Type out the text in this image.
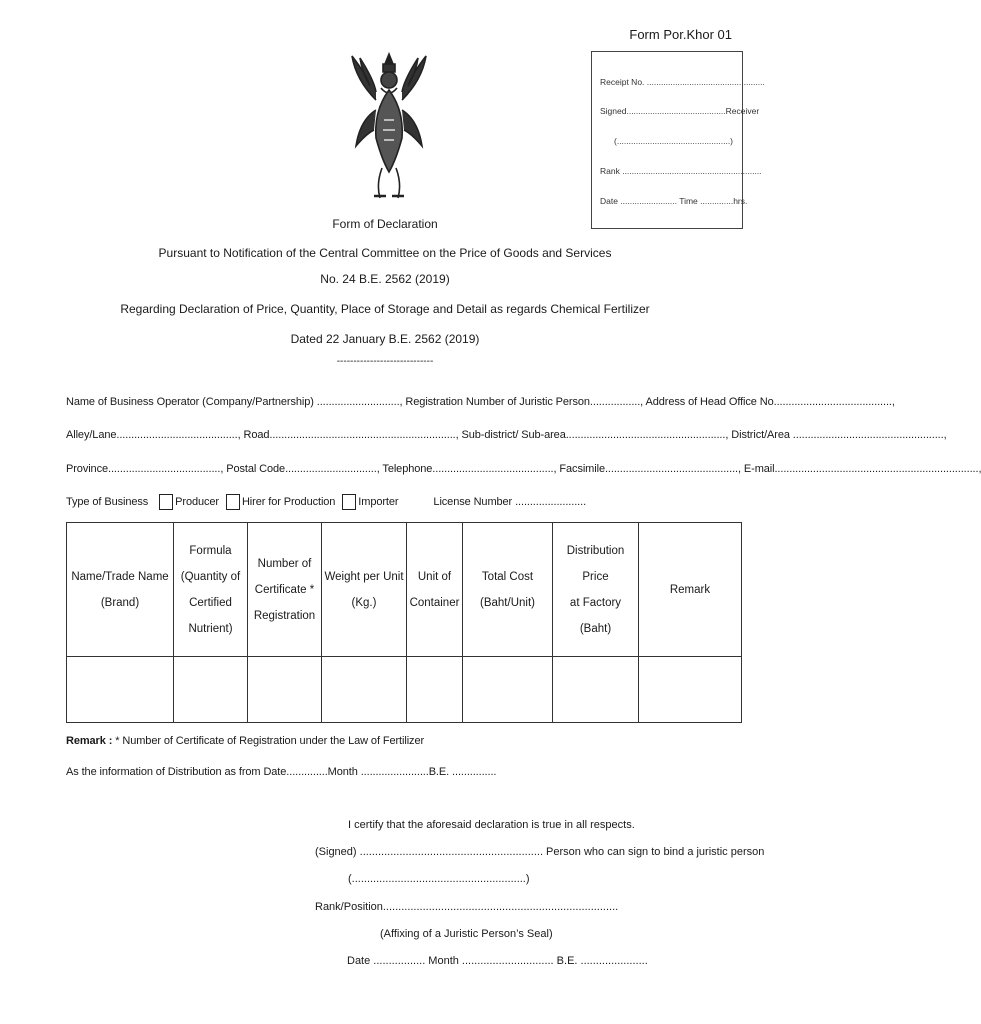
Form Por.Khor 01
Receipt No. ..................................................
Signed..........................................Receiver
(................................................)
Rank ...........................................................
Date ........................ Time ..............hrs.
Form of Declaration
Pursuant to Notification of the Central Committee on the Price of Goods and Services
No. 24 B.E. 2562 (2019)
Regarding Declaration of Price, Quantity, Place of Storage and Detail as regards Chemical Fertilizer
Dated 22 January B.E. 2562 (2019)
-----------------------------
Name of Business Operator (Company/Partnership) ............................, Registration Number of Juristic Person................., Address of Head Office No........................................,
Alley/Lane........................................., Road..............................................................., Sub-district/ Sub-area......................................................, District/Area ...................................................,
Province......................................, Postal Code..............................., Telephone........................................., Facsimile............................................., E-mail.....................................................................,
Type of Business Producer Hirer for Production Importer	License Number ........................
Name/Trade Name
(Brand)	Formula
(Quantity of
Certified
Nutrient)	Number of
Certificate *
Registration	Weight per Unit
(Kg.)	Unit of
Container	Total Cost
(Baht/Unit)	Distribution Price
at Factory (Baht)	Remark

Remark : * Number of Certificate of Registration under the Law of Fertilizer
As the information of Distribution as from Date..............Month .......................B.E. ...............
I certify that the aforesaid declaration is true in all respects.
(Signed) ............................................................ Person who can sign to bind a juristic person
(.........................................................)
Rank/Position.............................................................................
(Affixing of a Juristic Person’s Seal)
Date ................. Month .............................. B.E. ......................
